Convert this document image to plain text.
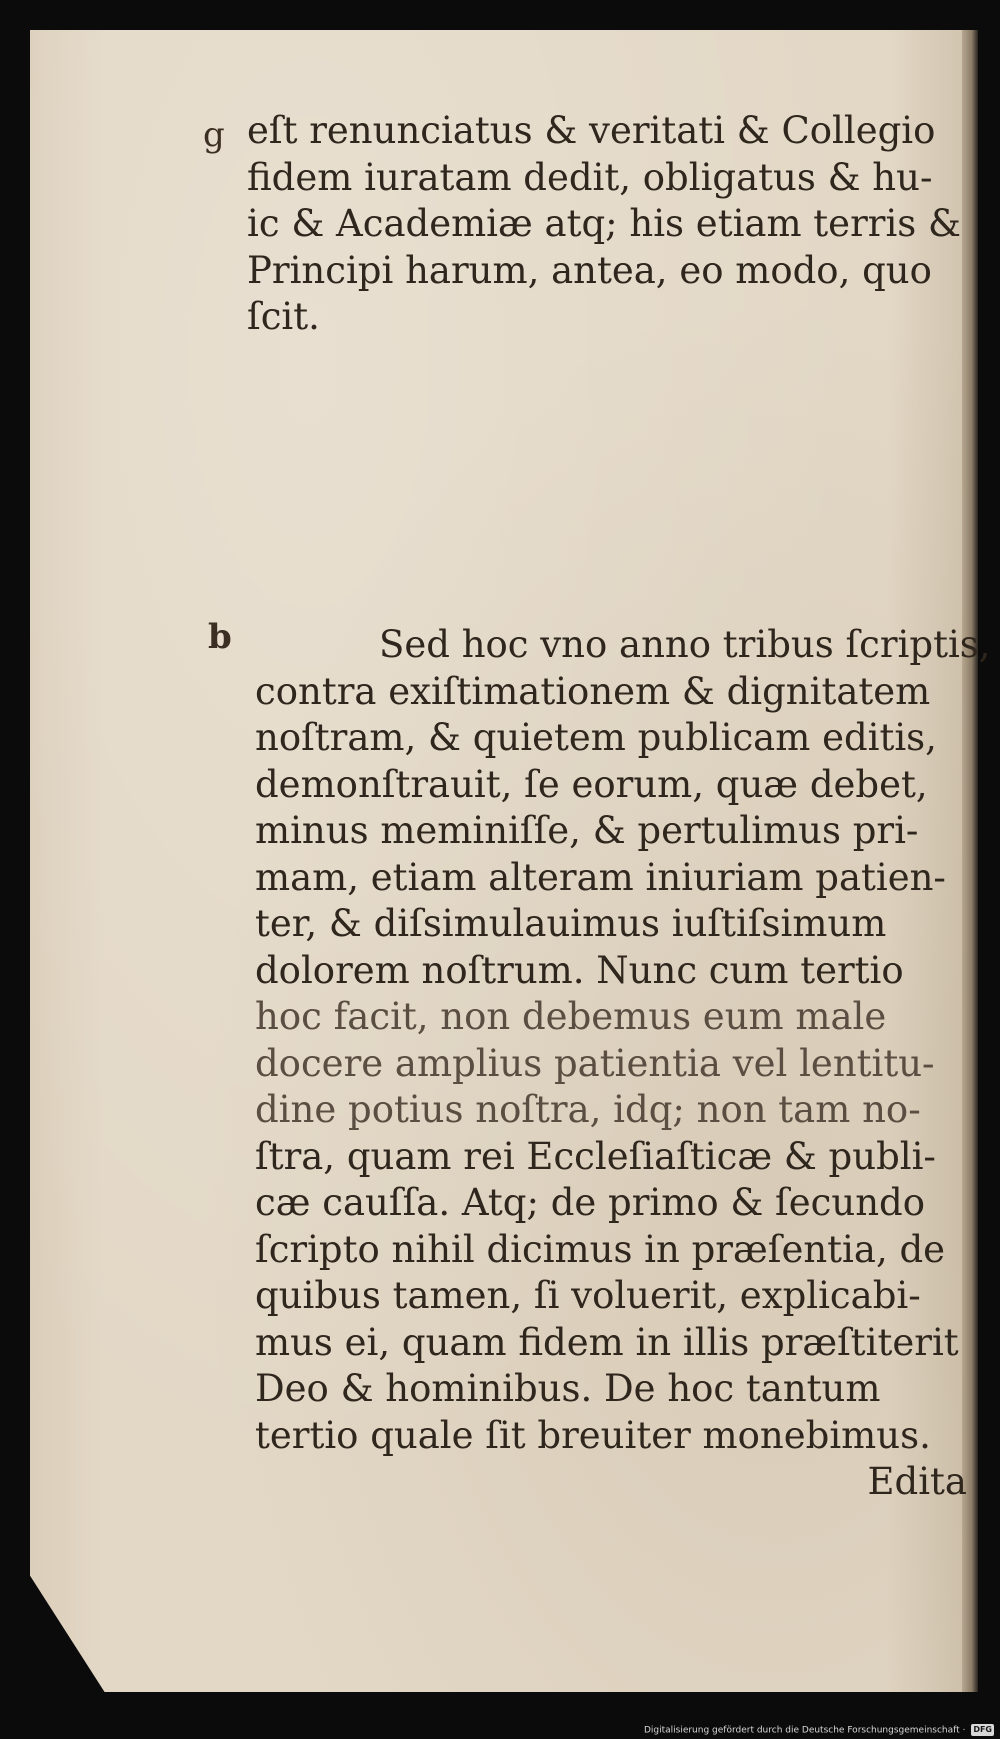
g
b
eſt renunciatus & veritati & Collegio
fidem iuratam dedit, obligatus & hu-
ic & Academiæ atq; his etiam terris &
Principi harum, antea, eo modo, quo
ſcit.
Sed hoc vno anno tribus ſcriptis,
contra exiſtimationem & dignitatem
noſtram, & quietem publicam editis,
demonſtrauit, ſe eorum, quæ debet,
minus meminiſſe, & pertulimus pri-
mam, etiam alteram iniuriam patien-
ter, & diſsimulauimus iuſtiſsimum
dolorem noſtrum. Nunc cum tertio
hoc facit, non debemus eum male
docere amplius patientia vel lentitu-
dine potius noſtra, idq; non tam no-
ſtra, quam rei Eccleſiaſticæ & publi-
cæ cauſſa. Atq; de primo & ſecundo
ſcripto nihil dicimus in præſentia, de
quibus tamen, ſi voluerit, explicabi-
mus ei, quam fidem in illis præſtiterit
Deo & hominibus. De hoc tantum
tertio quale ſit breuiter monebimus.
Edita
Digitalisierung gefördert durch die Deutsche Forschungsgemeinschaft · DFG
